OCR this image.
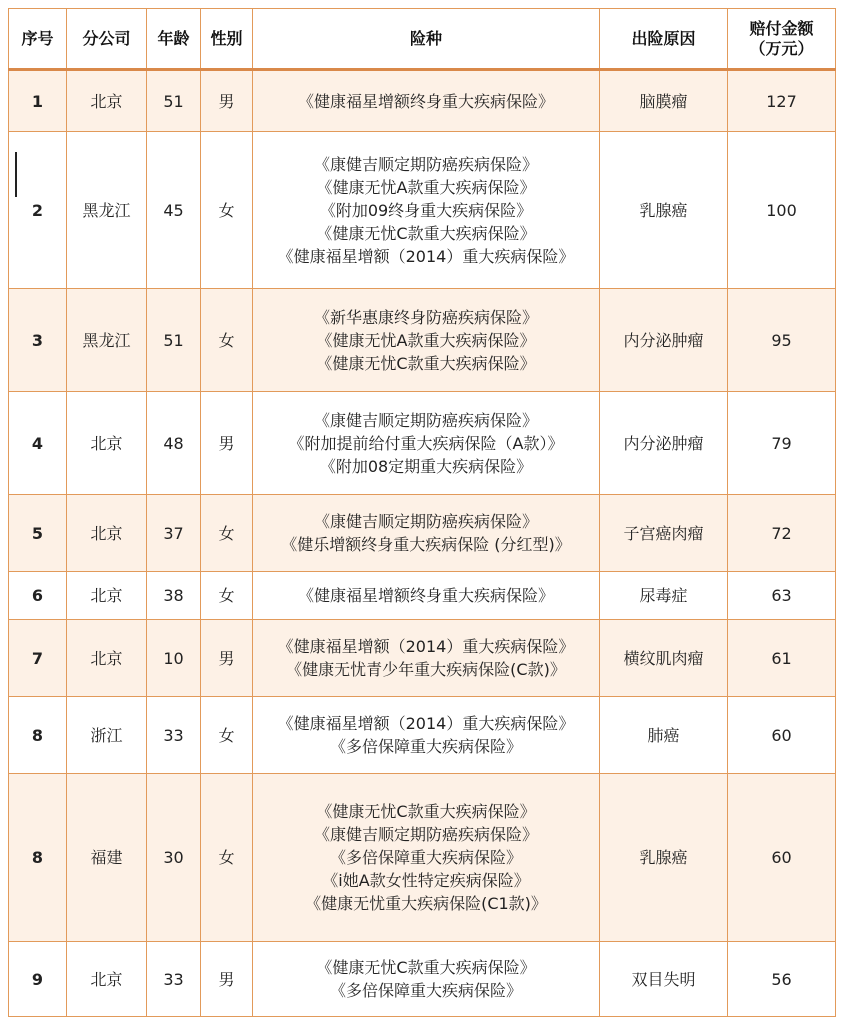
序号	分公司	年龄	性别	险种	出险原因	赔付金额
（万元）

1	北京	51	男	《健康福星增额终身重大疾病保险》	脑膜瘤	127
2	黑龙江	45	女	《康健吉顺定期防癌疾病保险》
《健康无忧A款重大疾病保险》
《附加09终身重大疾病保险》
《健康无忧C款重大疾病保险》
《健康福星增额（2014）重大疾病保险》	乳腺癌	100
3	黑龙江	51	女	《新华惠康终身防癌疾病保险》
《健康无忧A款重大疾病保险》
《健康无忧C款重大疾病保险》	内分泌肿瘤	95
4	北京	48	男	《康健吉顺定期防癌疾病保险》
《附加提前给付重大疾病保险（A款）》
《附加08定期重大疾病保险》	内分泌肿瘤	79
5	北京	37	女	《康健吉顺定期防癌疾病保险》
《健乐增额终身重大疾病保险 (分红型)》	子宫癌肉瘤	72
6	北京	38	女	《健康福星增额终身重大疾病保险》	尿毒症	63
7	北京	10	男	《健康福星增额（2014）重大疾病保险》
《健康无忧青少年重大疾病保险(C款)》	横纹肌肉瘤	61
8	浙江	33	女	《健康福星增额（2014）重大疾病保险》
《多倍保障重大疾病保险》	肺癌	60
8	福建	30	女	《健康无忧C款重大疾病保险》
《康健吉顺定期防癌疾病保险》
《多倍保障重大疾病保险》
《i她A款女性特定疾病保险》
《健康无忧重大疾病保险(C1款)》	乳腺癌	60
9	北京	33	男	《健康无忧C款重大疾病保险》
《多倍保障重大疾病保险》	双目失明	56
